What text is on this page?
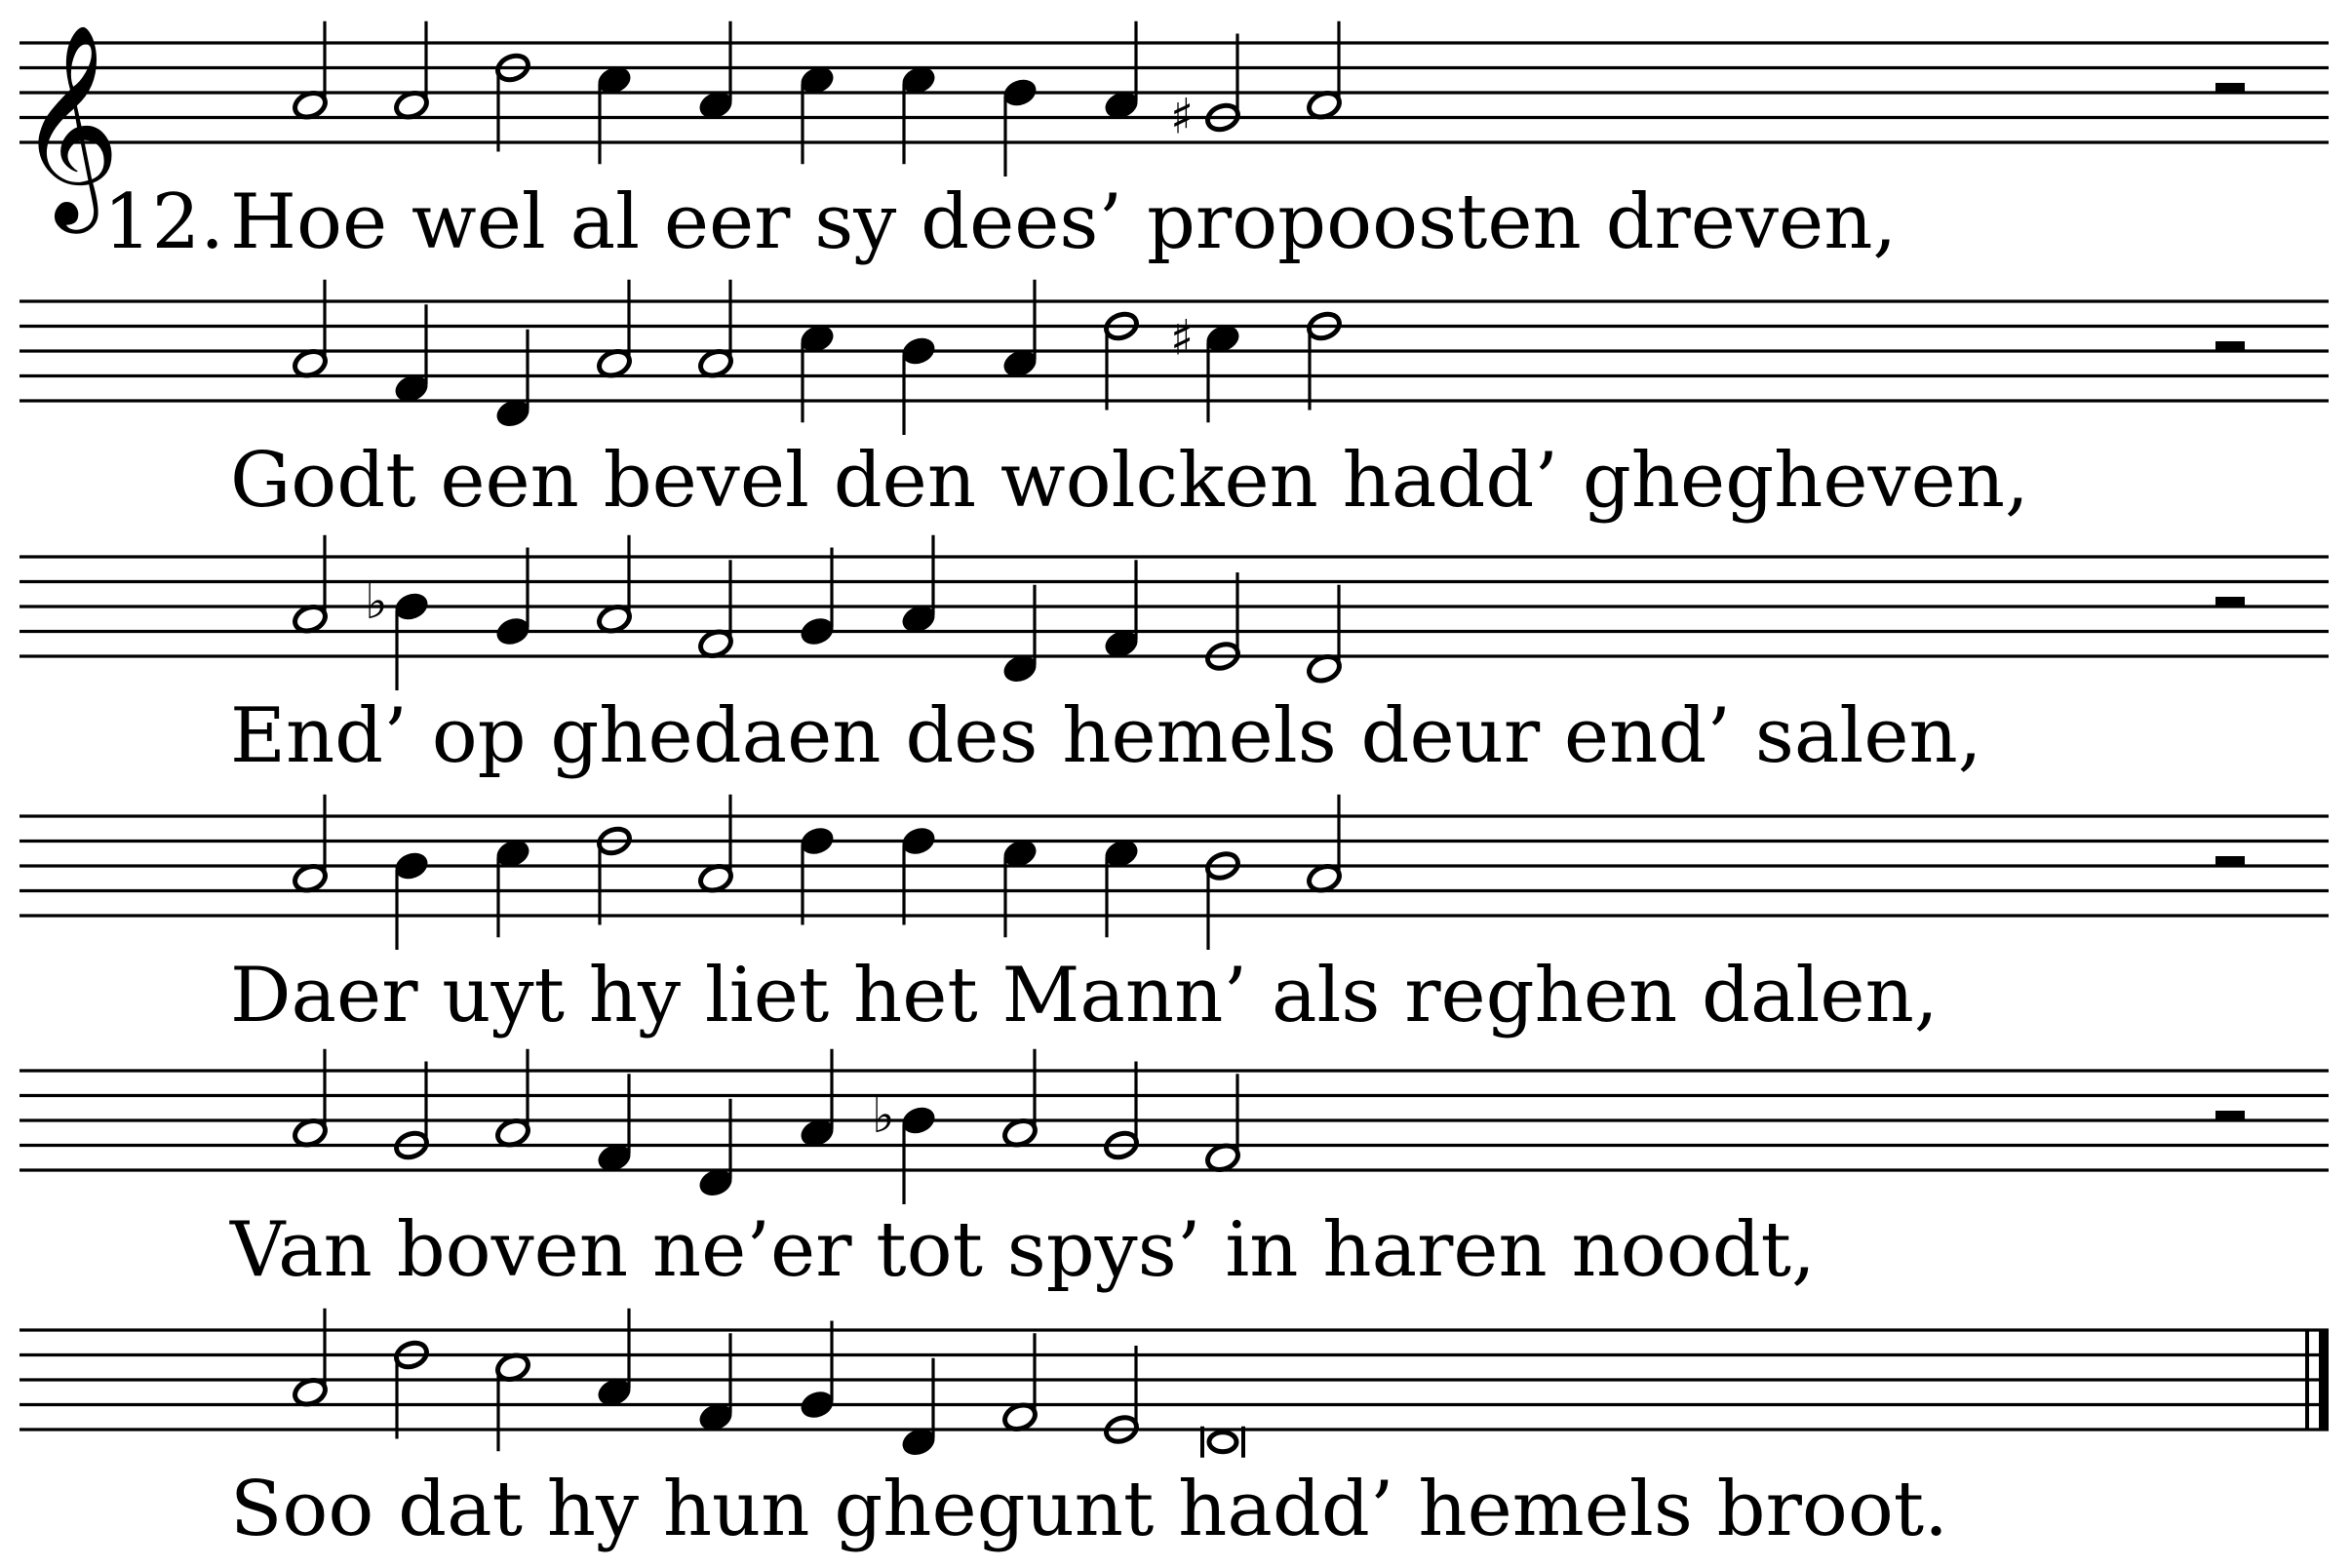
𝄞	♯
12. Hoe wel al eer sy dees’ propoosten dreven,
♯
Godt een bevel den wolcken hadd’ ghegheven,
♭
End’ op ghedaen des hemels deur end’ salen,
Daer uyt hy liet het Mann’ als reghen dalen,
♭
Van boven ne’er tot spys’ in haren noodt,
Soo dat hy hun ghegunt hadd’ hemels broot.
